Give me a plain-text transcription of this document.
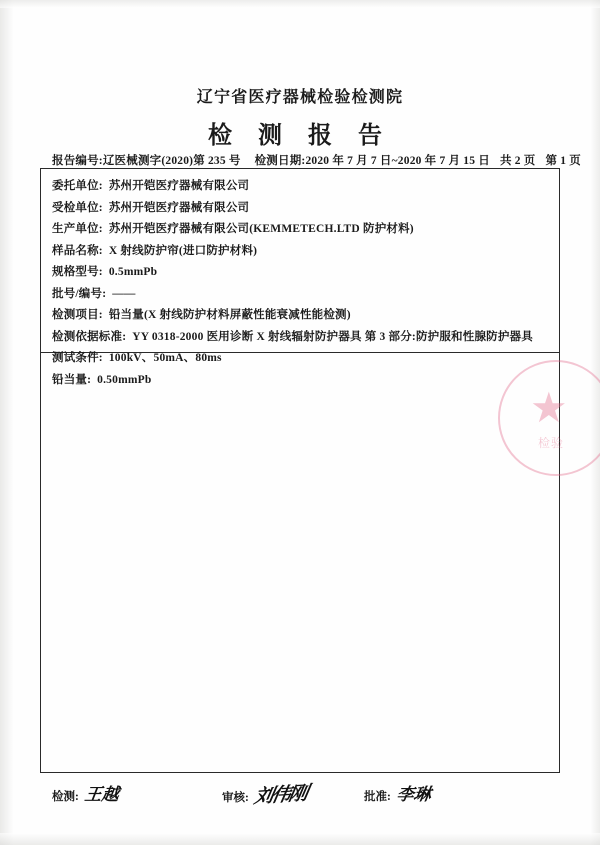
辽宁省医疗器械检验检测院
检 测 报 告
报告编号:辽医械测字(2020)第 235 号 检测日期:2020 年 7 月 7 日~2020 年 7 月 15 日 共 2 页 第 1 页
委托单位: 苏州开铠医疗器械有限公司
受检单位: 苏州开铠医疗器械有限公司
生产单位: 苏州开铠医疗器械有限公司(KEMMETECH.LTD 防护材料)
样品名称: X 射线防护帘(进口防护材料)
规格型号: 0.5mmPb
批号/编号: ——
检测项目: 铅当量(X 射线防护材料屏蔽性能衰减性能检测)
检测依据标准: YY 0318-2000 医用诊断 X 射线辐射防护器具 第 3 部分:防护服和性腺防护器具
测试条件: 100kV、50mA、80ms
铅当量: 0.50mmPb
★
检验
检测: 王越	审核: 刘伟刚	批准: 李琳
